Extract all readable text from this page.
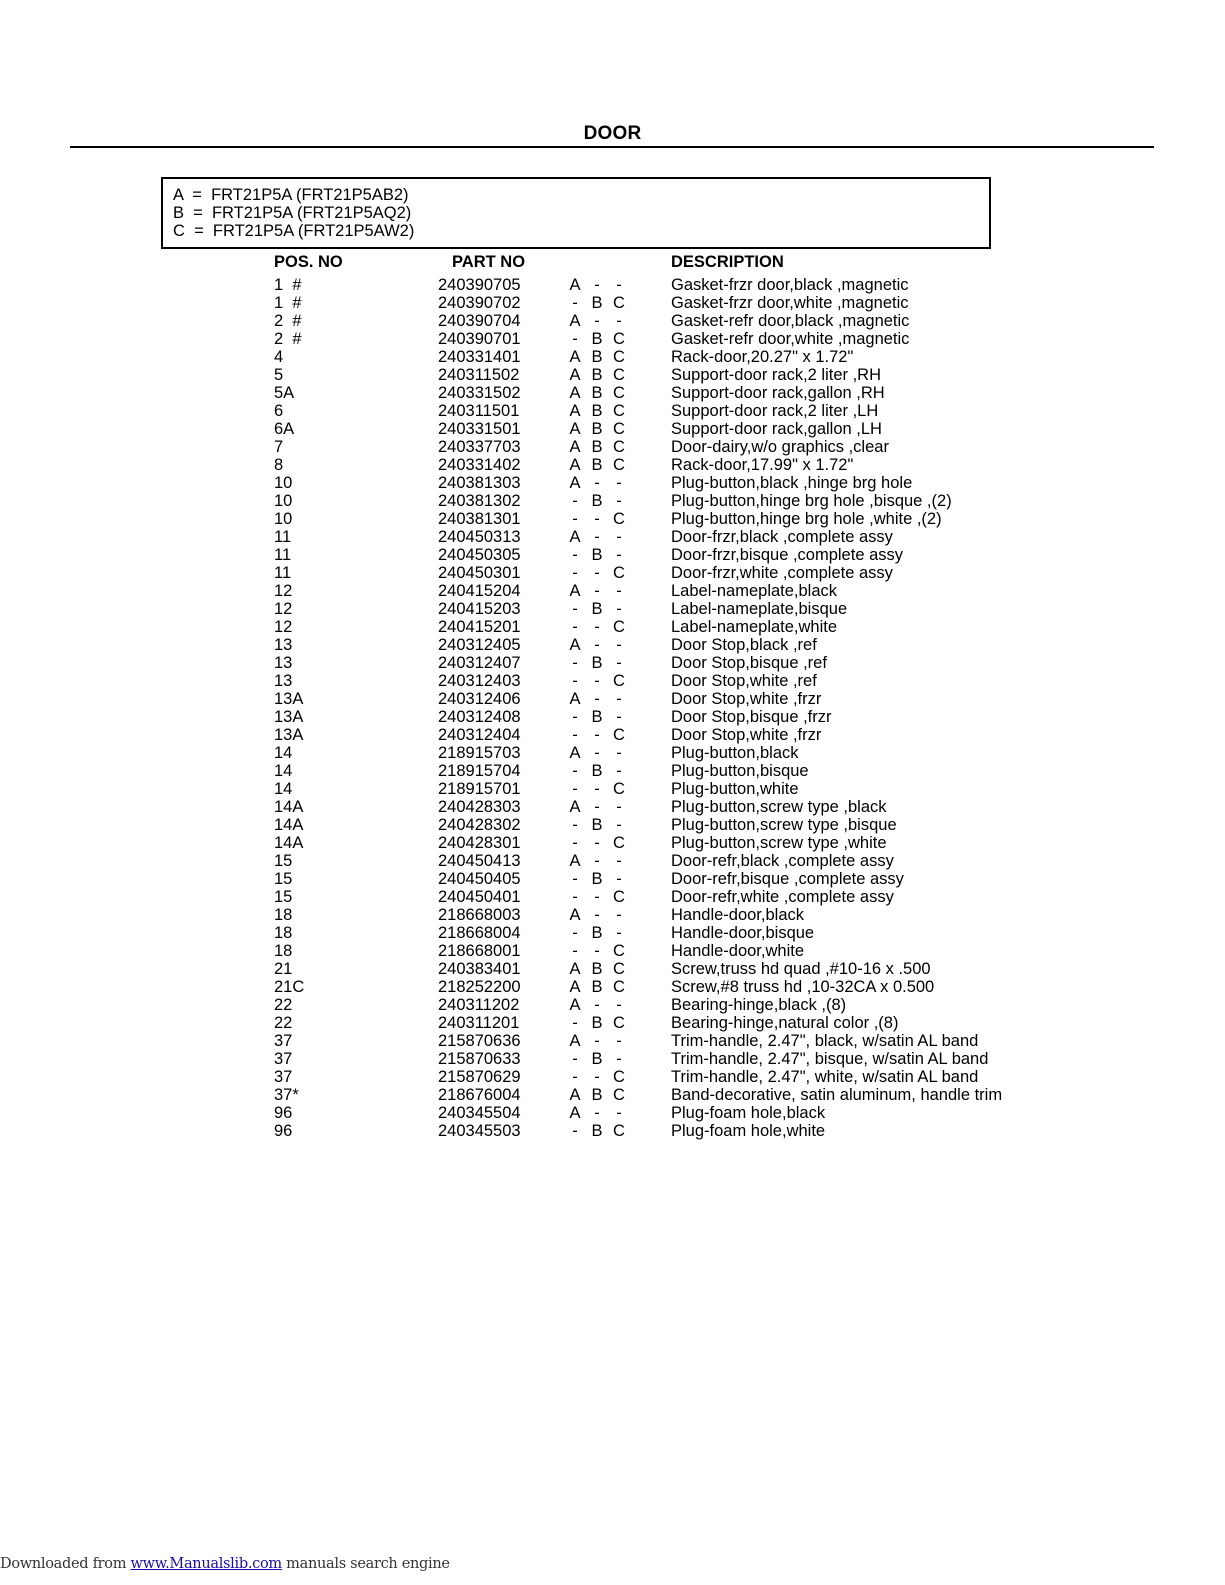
DOOR
A  =  FRT21P5A (FRT21P5AB2)
B  =  FRT21P5A (FRT21P5AQ2)
C  =  FRT21P5A (FRT21P5AW2)
POS. NO	PART NO	DESCRIPTION
1  #	240390705	A - -	Gasket-frzr door,black ,magnetic
1  #	240390702	- B C	Gasket-frzr door,white ,magnetic
2  #	240390704	A - -	Gasket-refr door,black ,magnetic
2  #	240390701	- B C	Gasket-refr door,white ,magnetic
4	240331401	A B C	Rack-door,20.27" x 1.72"
5	240311502	A B C	Support-door rack,2 liter ,RH
5A	240331502	A B C	Support-door rack,gallon ,RH
6	240311501	A B C	Support-door rack,2 liter ,LH
6A	240331501	A B C	Support-door rack,gallon ,LH
7	240337703	A B C	Door-dairy,w/o graphics ,clear
8	240331402	A B C	Rack-door,17.99" x 1.72"
10	240381303	A - -	Plug-button,black ,hinge brg hole
10	240381302	- B -	Plug-button,hinge brg hole ,bisque ,(2)
10	240381301	- - C	Plug-button,hinge brg hole ,white ,(2)
11	240450313	A - -	Door-frzr,black ,complete assy
11	240450305	- B -	Door-frzr,bisque ,complete assy
11	240450301	- - C	Door-frzr,white ,complete assy
12	240415204	A - -	Label-nameplate,black
12	240415203	- B -	Label-nameplate,bisque
12	240415201	- - C	Label-nameplate,white
13	240312405	A - -	Door Stop,black ,ref
13	240312407	- B -	Door Stop,bisque ,ref
13	240312403	- - C	Door Stop,white ,ref
13A	240312406	A - -	Door Stop,white ,frzr
13A	240312408	- B -	Door Stop,bisque ,frzr
13A	240312404	- - C	Door Stop,white ,frzr
14	218915703	A - -	Plug-button,black
14	218915704	- B -	Plug-button,bisque
14	218915701	- - C	Plug-button,white
14A	240428303	A - -	Plug-button,screw type ,black
14A	240428302	- B -	Plug-button,screw type ,bisque
14A	240428301	- - C	Plug-button,screw type ,white
15	240450413	A - -	Door-refr,black ,complete assy
15	240450405	- B -	Door-refr,bisque ,complete assy
15	240450401	- - C	Door-refr,white ,complete assy
18	218668003	A - -	Handle-door,black
18	218668004	- B -	Handle-door,bisque
18	218668001	- - C	Handle-door,white
21	240383401	A B C	Screw,truss hd quad ,#10-16 x .500
21C	218252200	A B C	Screw,#8 truss hd ,10-32CA x 0.500
22	240311202	A - -	Bearing-hinge,black ,(8)
22	240311201	- B C	Bearing-hinge,natural color ,(8)
37	215870636	A - -	Trim-handle, 2.47", black, w/satin AL band
37	215870633	- B -	Trim-handle, 2.47", bisque, w/satin AL band
37	215870629	- - C	Trim-handle, 2.47", white, w/satin AL band
37*	218676004	A B C	Band-decorative, satin aluminum, handle trim
96	240345504	A - -	Plug-foam hole,black
96	240345503	- B C	Plug-foam hole,white
Downloaded from www.Manualslib.com manuals search engine
